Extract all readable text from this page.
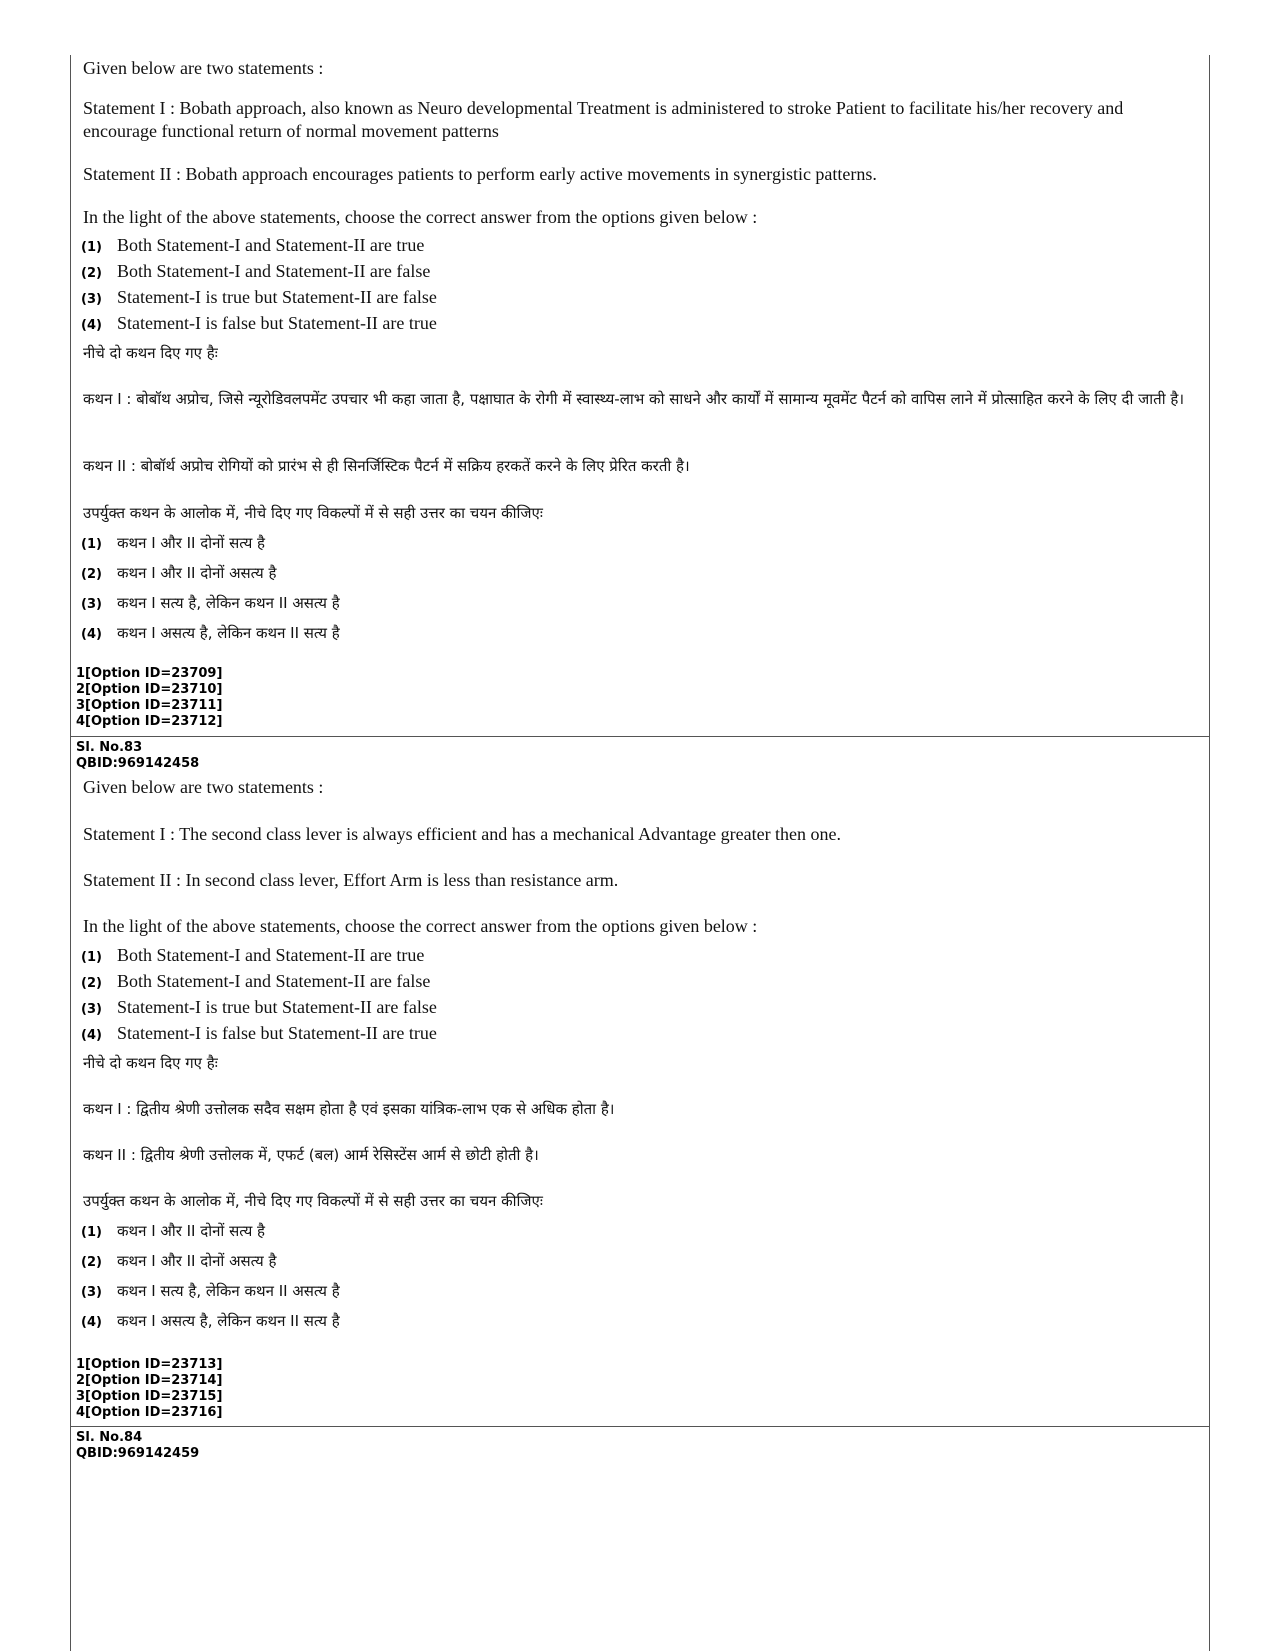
Given below are two statements :
Statement I : Bobath approach, also known as Neuro developmental Treatment is administered to stroke Patient to facilitate his/her recovery and encourage functional return of normal movement patterns
Statement II : Bobath approach encourages patients to perform early active movements in synergistic patterns.
In the light of the above statements, choose the correct answer from the options given below :
(1) Both Statement-I and Statement-II are true
(2) Both Statement-I and Statement-II are false
(3) Statement-I is true but Statement-II are false
(4) Statement-I is false but Statement-II are true
नीचे दो कथन दिए गए हैः
कथन I : बोबॉथ अप्रोच, जिसे न्यूरोडिवलपमेंट उपचार भी कहा जाता है, पक्षाघात के रोगी में स्वास्थ्य-लाभ को साधने और कार्यों में सामान्य मूवमेंट पैटर्न को वापिस लाने में प्रोत्साहित करने के लिए दी जाती है।
कथन II : बोबॉर्थ अप्रोच रोगियों को प्रारंभ से ही सिनर्जिस्टिक पैटर्न में सक्रिय हरकतें करने के लिए प्रेरित करती है।
उपर्युक्त कथन के आलोक में, नीचे दिए गए विकल्पों में से सही उत्तर का चयन कीजिएः
(1) कथन I और II दोनों सत्य है
(2) कथन I और II दोनों असत्य है
(3) कथन I सत्य है, लेकिन कथन II असत्य है
(4) कथन I असत्य है, लेकिन कथन II सत्य है
1[Option ID=23709]
2[Option ID=23710]
3[Option ID=23711]
4[Option ID=23712]
Sl. No.83
QBID:969142458
Given below are two statements :
Statement I : The second class lever is always efficient and has a mechanical Advantage greater then one.
Statement II : In second class lever, Effort Arm is less than resistance arm.
In the light of the above statements, choose the correct answer from the options given below :
(1) Both Statement-I and Statement-II are true
(2) Both Statement-I and Statement-II are false
(3) Statement-I is true but Statement-II are false
(4) Statement-I is false but Statement-II are true
नीचे दो कथन दिए गए हैः
कथन I : द्वितीय श्रेणी उत्तोलक सदैव सक्षम होता है एवं इसका यांत्रिक-लाभ एक से अधिक होता है।
कथन II : द्वितीय श्रेणी उत्तोलक में, एफर्ट (बल) आर्म रेसिस्टेंस आर्म से छोटी होती है।
उपर्युक्त कथन के आलोक में, नीचे दिए गए विकल्पों में से सही उत्तर का चयन कीजिएः
(1) कथन I और II दोनों सत्य है
(2) कथन I और II दोनों असत्य है
(3) कथन I सत्य है, लेकिन कथन II असत्य है
(4) कथन I असत्य है, लेकिन कथन II सत्य है
1[Option ID=23713]
2[Option ID=23714]
3[Option ID=23715]
4[Option ID=23716]
Sl. No.84
QBID:969142459
